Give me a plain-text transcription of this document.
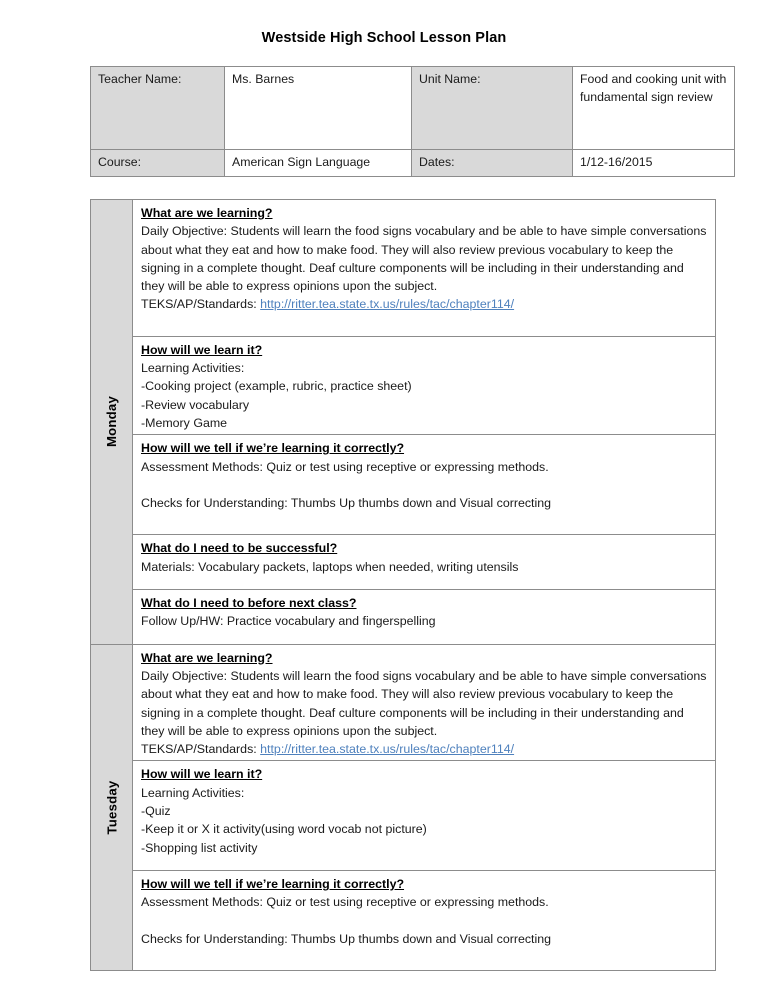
Westside High School Lesson Plan
Teacher Name:	Ms. Barnes	Unit Name:	Food and cooking unit with fundamental sign review
Course:	American Sign Language	Dates:	1/12-16/2015
Monday	What are we learning?
Daily Objective: Students will learn the food signs vocabulary and be able to have simple conversations about what they eat and how to make food. They will also review previous vocabulary to keep the signing in a complete thought. Deaf culture components will be including in their understanding and they will be able to express opinions upon the subject.
TEKS/AP/Standards: http://ritter.tea.state.tx.us/rules/tac/chapter114/

	How will we learn it?
Learning Activities:
-Cooking project (example, rubric, practice sheet)
-Review vocabulary
-Memory Game

	How will we tell if we’re learning it correctly?
Assessment Methods: Quiz or test using receptive or expressing methods.
Checks for Understanding: Thumbs Up thumbs down and Visual correcting

	What do I need to be successful?
Materials: Vocabulary packets, laptops when needed, writing utensils

	What do I need to before next class?
Follow Up/HW: Practice vocabulary and fingerspelling

Tuesday	What are we learning?
Daily Objective: Students will learn the food signs vocabulary and be able to have simple conversations about what they eat and how to make food. They will also review previous vocabulary to keep the signing in a complete thought. Deaf culture components will be including in their understanding and they will be able to express opinions upon the subject.
TEKS/AP/Standards: http://ritter.tea.state.tx.us/rules/tac/chapter114/

	How will we learn it?
Learning Activities:
-Quiz
-Keep it or X it activity(using word vocab not picture)
-Shopping list activity

	How will we tell if we’re learning it correctly?
Assessment Methods: Quiz or test using receptive or expressing methods.
Checks for Understanding: Thumbs Up thumbs down and Visual correcting
